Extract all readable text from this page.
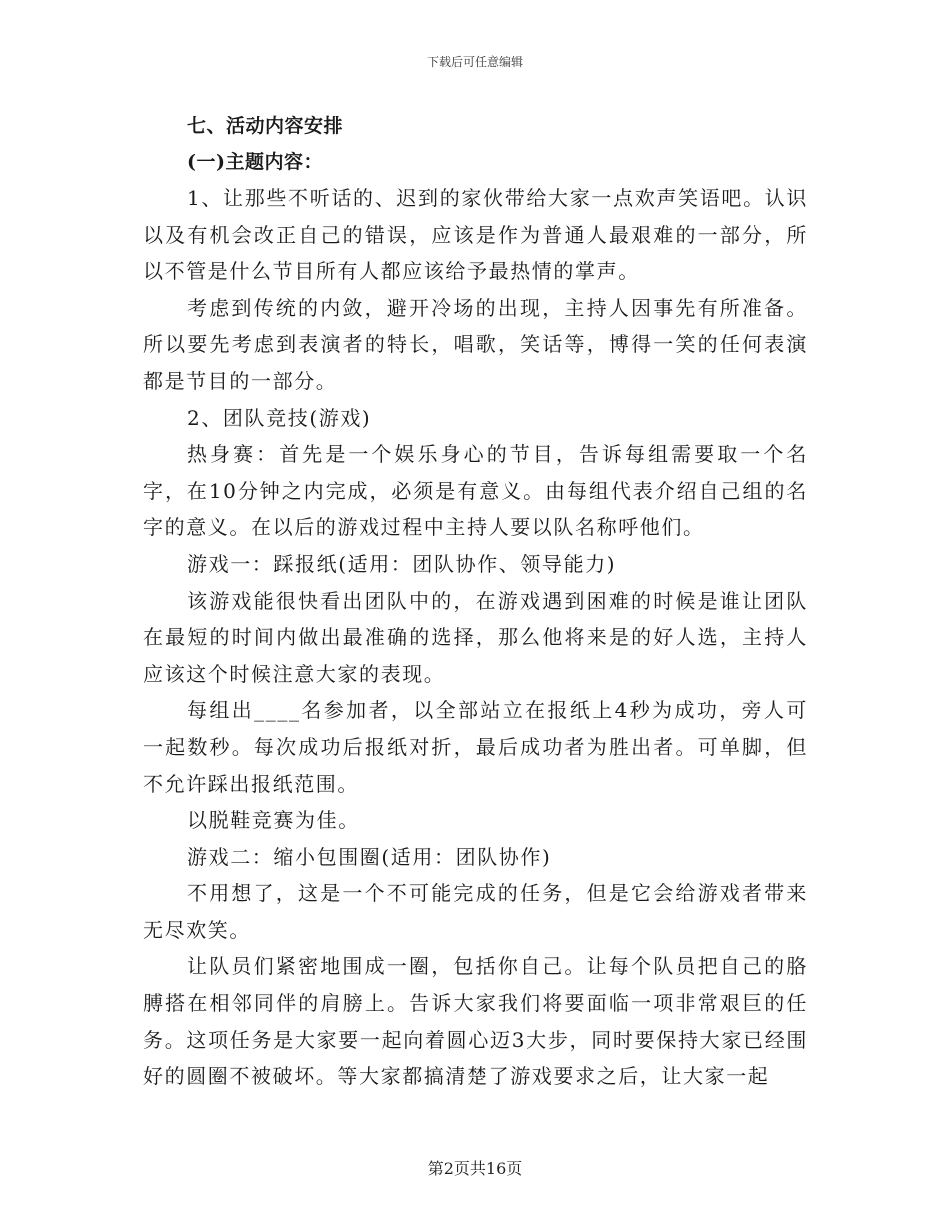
下载后可任意编辑
七、活动内容安排
(一)主题内容：
1、让那些不听话的、迟到的家伙带给大家一点欢声笑语吧。认识以及有机会改正自己的错误，应该是作为普通人最艰难的一部分，所以不管是什么节目所有人都应该给予最热情的掌声。
考虑到传统的内敛，避开冷场的出现，主持人因事先有所准备。所以要先考虑到表演者的特长，唱歌，笑话等，博得一笑的任何表演都是节目的一部分。
2、团队竞技(游戏)
热身赛：首先是一个娱乐身心的节目，告诉每组需要取一个名字，在10分钟之内完成，必须是有意义。由每组代表介绍自己组的名字的意义。在以后的游戏过程中主持人要以队名称呼他们。
游戏一：踩报纸(适用：团队协作、领导能力)
该游戏能很快看出团队中的，在游戏遇到困难的时候是谁让团队在最短的时间内做出最准确的选择，那么他将来是的好人选，主持人应该这个时候注意大家的表现。
每组出____名参加者，以全部站立在报纸上4秒为成功，旁人可一起数秒。每次成功后报纸对折，最后成功者为胜出者。可单脚，但不允许踩出报纸范围。
以脱鞋竞赛为佳。
游戏二：缩小包围圈(适用：团队协作)
不用想了，这是一个不可能完成的任务，但是它会给游戏者带来无尽欢笑。
让队员们紧密地围成一圈，包括你自己。让每个队员把自己的胳膊搭在相邻同伴的肩膀上。告诉大家我们将要面临一项非常艰巨的任务。这项任务是大家要一起向着圆心迈3大步，同时要保持大家已经围好的圆圈不被破坏。等大家都搞清楚了游戏要求之后，让大家一起
第2页共16页
